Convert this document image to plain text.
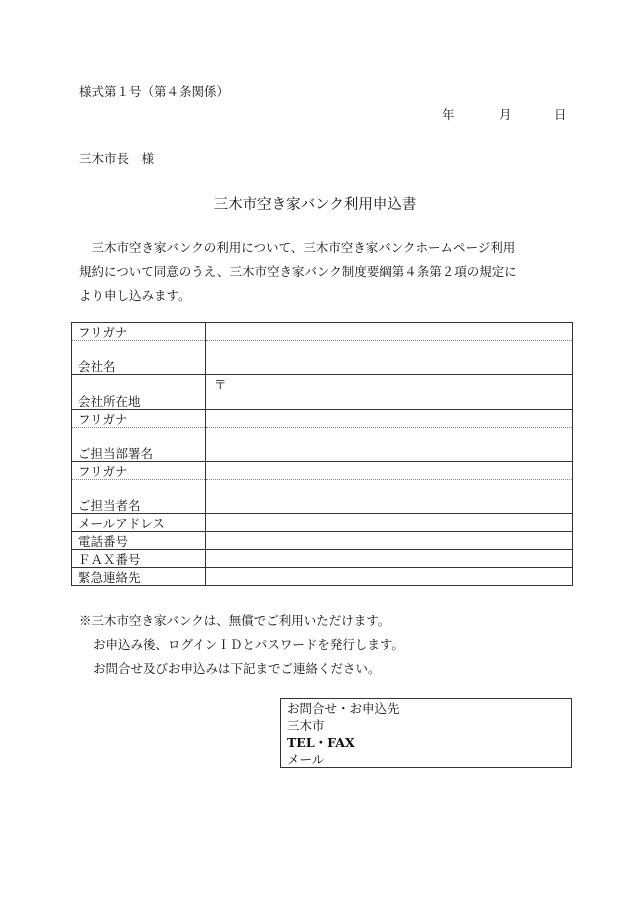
様式第１号（第４条関係）
年	月	日
三木市長　様
三木市空き家バンク利用申込書

　三木市空き家バンクの利用について、三木市空き家バンクホームページ利用

規約について同意のうえ、三木市空き家バンク制度要綱第４条第２項の規定に

より申し込みます。

フリガナ	
会社名	
会社所在地	〒
フリガナ	
ご担当部署名	
フリガナ	
ご担当者名	
メールアドレス	
電話番号	
ＦＡＸ番号	
緊急連絡先	

※三木市空き家バンクは、無償でご利用いただけます。

お申込み後、ログインＩＤとパスワードを発行します。

お問合せ及びお申込みは下記までご連絡ください。

お問合せ・お申込先
三木市
TEL・FAX
メール
